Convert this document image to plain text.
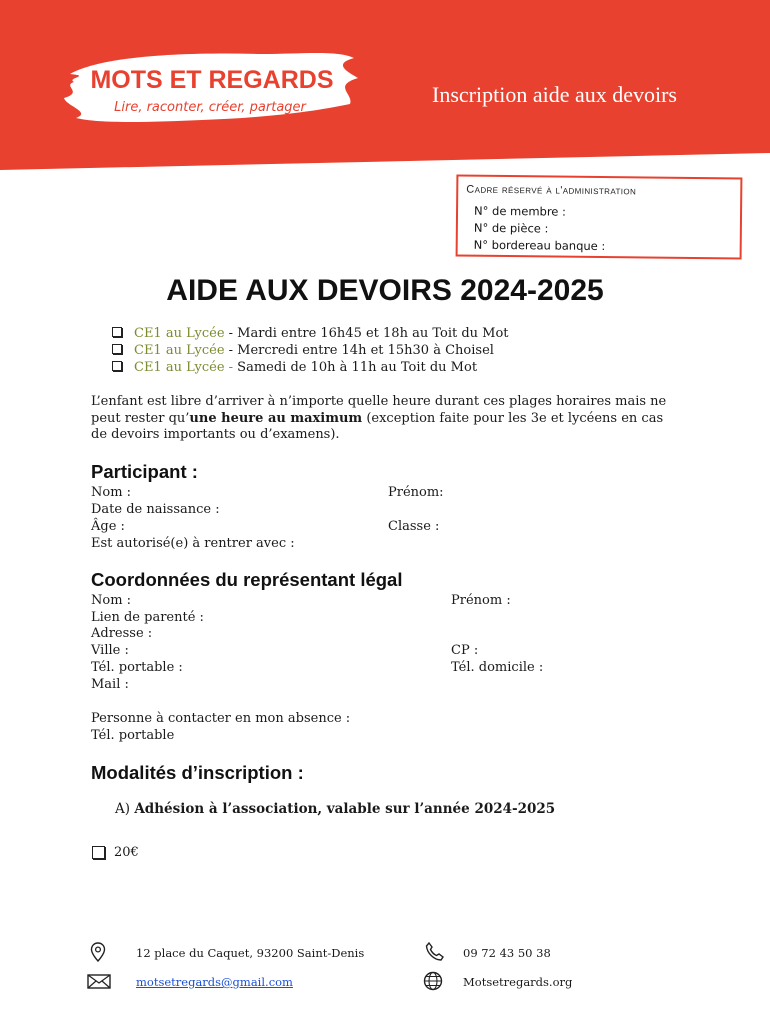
MOTS ET REGARDS
Lire, raconter, créer, partager
Inscription aide aux devoirs
Cadre réservé à l'administration
N° de membre :
N° de pièce :
N° bordereau banque :
AIDE AUX DEVOIRS 2024-2025
CE1 au Lycée - Mardi entre 16h45 et 18h au Toit du Mot
CE1 au Lycée - Mercredi entre 14h et 15h30 à Choisel
CE1 au Lycée - Samedi de 10h à 11h au Toit du Mot
L’enfant est libre d’arriver à n’importe quelle heure durant ces plages horaires mais ne peut rester qu’une heure au maximum (exception faite pour les 3e et lycéens en cas de devoirs importants ou d’examens).
Participant :
Nom :	Prénom:
Date de naissance :
Âge :	Classe :
Est autorisé(e) à rentrer avec :
Coordonnées du représentant légal
Nom :	Prénom :
Lien de parenté :
Adresse :
Ville :	CP :
Tél. portable :	Tél. domicile :
Mail :
Personne à contacter en mon absence :
Tél. portable
Modalités d’inscription :
A) Adhésion à l’association, valable sur l’année 2024-2025
20€
12 place du Caquet, 93200 Saint-Denis	09 72 43 50 38
motsetregards@gmail.com	Motsetregards.org
